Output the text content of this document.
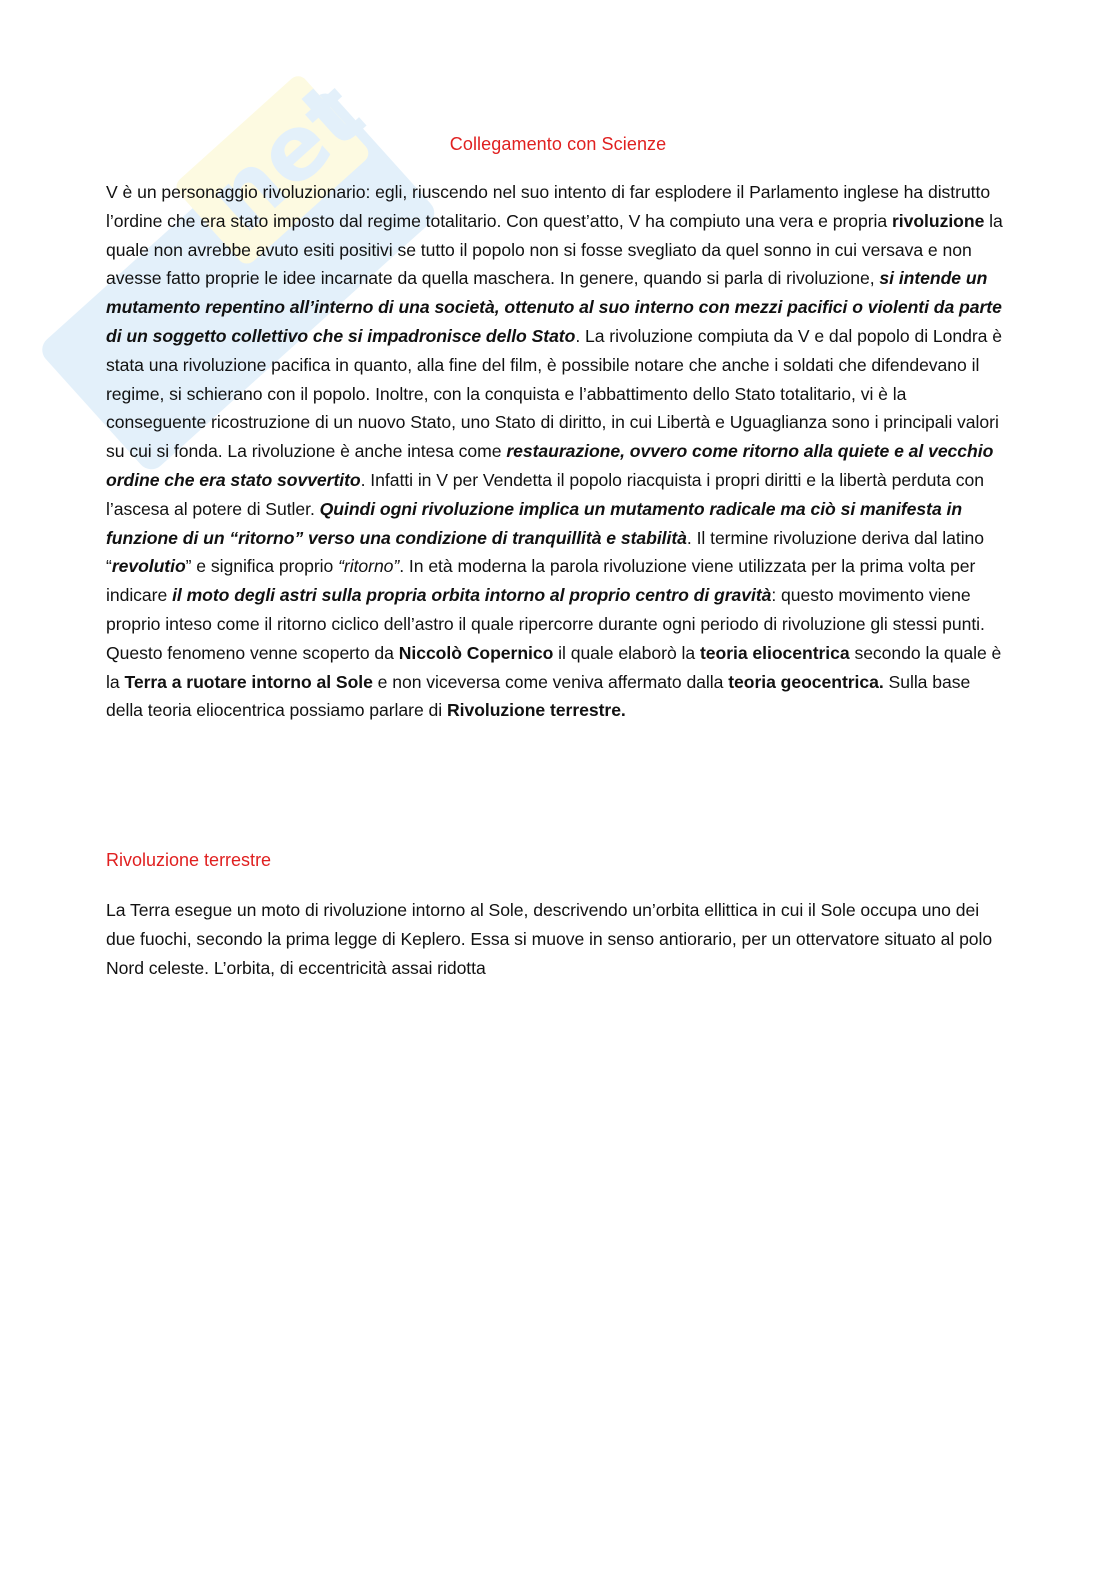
net	Collegamento con Scienze

V è un personaggio rivoluzionario: egli, riuscendo nel suo intento di far esplodere il Parlamento inglese ha distrutto l’ordine che era stato imposto dal regime totalitario. Con quest’atto, V ha compiuto una vera e propria rivoluzione la quale non avrebbe avuto esiti positivi se tutto il popolo non si fosse svegliato da quel sonno in cui versava e non avesse fatto proprie le idee incarnate da quella maschera. In genere, quando si parla di rivoluzione, si intende un mutamento repentino all’interno di una società, ottenuto al suo interno con mezzi pacifici o violenti da parte di un soggetto collettivo che si impadronisce dello Stato. La rivoluzione compiuta da V e dal popolo di Londra è stata una rivoluzione pacifica in quanto, alla fine del film, è possibile notare che anche i soldati che difendevano il regime, si schierano con il popolo. Inoltre, con la conquista e l’abbattimento dello Stato totalitario, vi è la conseguente ricostruzione di un nuovo Stato, uno Stato di diritto, in cui Libertà e Uguaglianza sono i principali valori su cui si fonda. La rivoluzione è anche intesa come restaurazione, ovvero come ritorno alla quiete e al vecchio ordine che era stato sovvertito. Infatti in V per Vendetta il popolo riacquista i propri diritti e la libertà perduta con l’ascesa al potere di Sutler. Quindi ogni rivoluzione implica un mutamento radicale ma ciò si manifesta in funzione di un “ritorno” verso una condizione di tranquillità e stabilità. Il termine rivoluzione deriva dal latino “revolutio” e significa proprio “ritorno”. In età moderna la parola rivoluzione viene utilizzata per la prima volta per indicare il moto degli astri sulla propria orbita intorno al proprio centro di gravità: questo movimento viene proprio inteso come il ritorno ciclico dell’astro il quale ripercorre durante ogni periodo di rivoluzione gli stessi punti. Questo fenomeno venne scoperto da Niccolò Copernico il quale elaborò la teoria eliocentrica secondo la quale è la Terra a ruotare intorno al Sole e non viceversa come veniva affermato dalla teoria geocentrica. Sulla base della teoria eliocentrica possiamo parlare di Rivoluzione terrestre.

Rivoluzione terrestre

La Terra esegue un moto di rivoluzione intorno al Sole, descrivendo un’orbita ellittica in cui il Sole occupa uno dei due fuochi, secondo la prima legge di Keplero. Essa si muove in senso antiorario, per un ottervatore situato al polo Nord celeste. L’orbita, di eccentricità assai ridotta
